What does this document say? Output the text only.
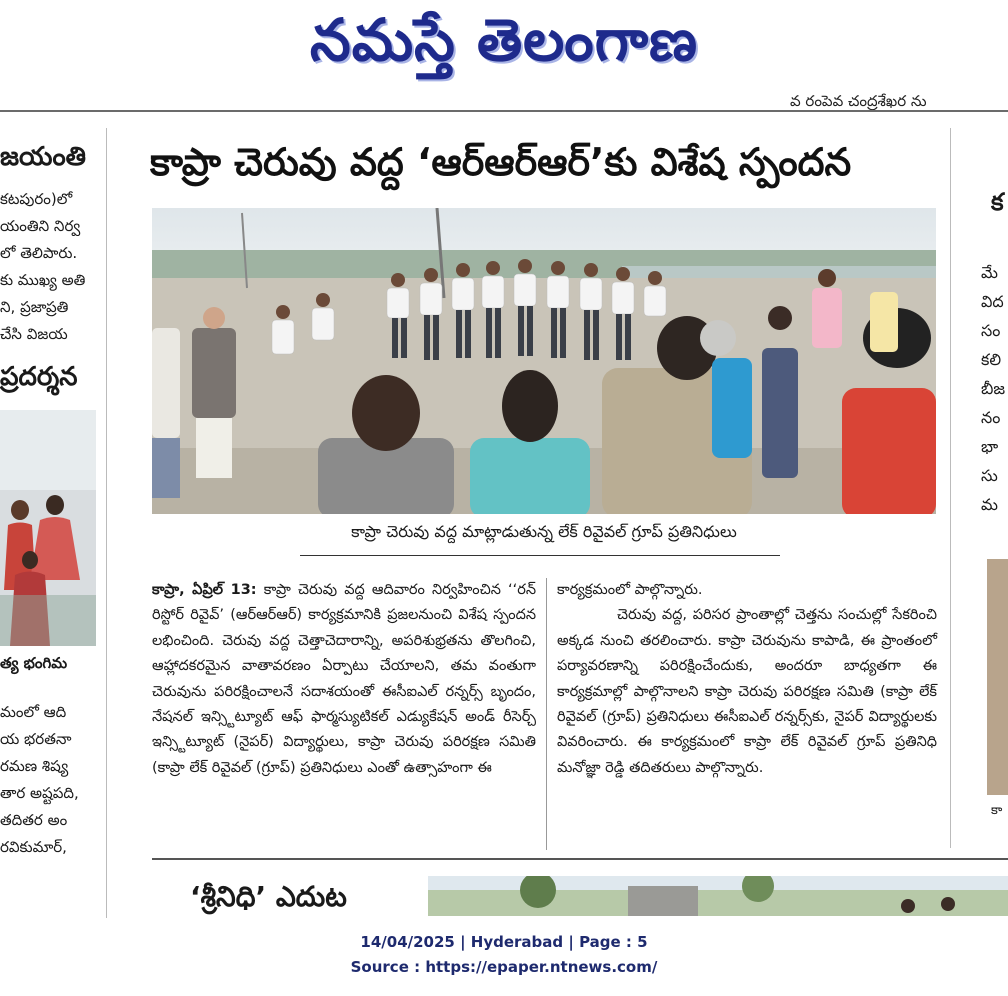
నమస్తే తెలంగాణ
వ రంపెవ చంద్రశేఖర ను
జయంతి
కటపురం)లో
యంతిని నిర్వ
లో తెలిపారు.
కు ముఖ్య అతి
ని, ప్రజాప్రతి
చేసి విజయ
ప్రదర్శన
త్య భంగిమ
మంలో ఆది
య భరతనా
రమణ శిష్య
తార అష్టపది,
తదితర అం
రవికుమార్,
కాప్రా చెరువు వద్ద ‘ఆర్ఆర్ఆర్’కు విశేష స్పందన
కాప్రా చెరువు వద్ద మాట్లాడుతున్న లేక్ రివైవల్ గ్రూప్ ప్రతినిధులు

కాప్రా, ఏప్రిల్ 13: కాప్రా చెరువు వద్ద ఆదివారం నిర్వహించిన ‘‘రన్ రిస్టోర్ రివైవ్’ (ఆర్ఆర్ఆర్) కార్యక్రమానికి ప్రజలనుంచి విశేష స్పందన లభించింది. చెరువు వద్ద చెత్తాచెదారాన్ని, అపరిశుభ్రతను తొలగించి, ఆహ్లాదకరమైన వాతావరణం ఏర్పాటు చేయాలని, తమ వంతుగా చెరువును పరిరక్షించాలనే సదాశయంతో ఈసీఐఎల్ రన్నర్స్ బృందం, నేషనల్ ఇన్స్టిట్యూట్ ఆఫ్ ఫార్మస్యుటికల్ ఎడ్యుకేషన్ అండ్ రీసెర్చ్ ఇన్స్టిట్యూట్ (నైపర్) విద్యార్థులు, కాప్రా చెరువు పరిరక్షణ సమితి (కాప్రా లేక్ రివైవల్ (గ్రూప్) ప్రతినిధులు ఎంతో ఉత్సాహంగా ఈ

కార్యక్రమంలో పాల్గొన్నారు.

చెరువు వద్ద, పరిసర ప్రాంతాల్లో చెత్తను సంచుల్లో సేకరించి అక్కడ నుంచి తరలించారు. కాప్రా చెరువును కాపాడి, ఈ ప్రాంతంలో పర్యావరణాన్ని పరిరక్షించేందుకు, అందరూ బాధ్యతగా ఈ కార్యక్రమాల్లో పాల్గొనాలని కాప్రా చెరువు పరిరక్షణ సమితి (కాప్రా లేక్ రివైవల్ (గ్రూప్) ప్రతినిధులు ఈసీఐఎల్ రన్నర్స్‌కు, నైపర్ విద్యార్థులకు వివరించారు. ఈ కార్యక్రమంలో కాప్రా లేక్ రివైవల్ గ్రూప్ ప్రతినిధి మనోజ్ఞా రెడ్డి తదితరులు పాల్గొన్నారు.

క
మే
విద
సం
కలి
బీజ
నం
భా
సు
మ
కా
‘శ్రీనిధి’ ఎదుట
14/04/2025 | Hyderabad | Page : 5
Source : https://epaper.ntnews.com/
